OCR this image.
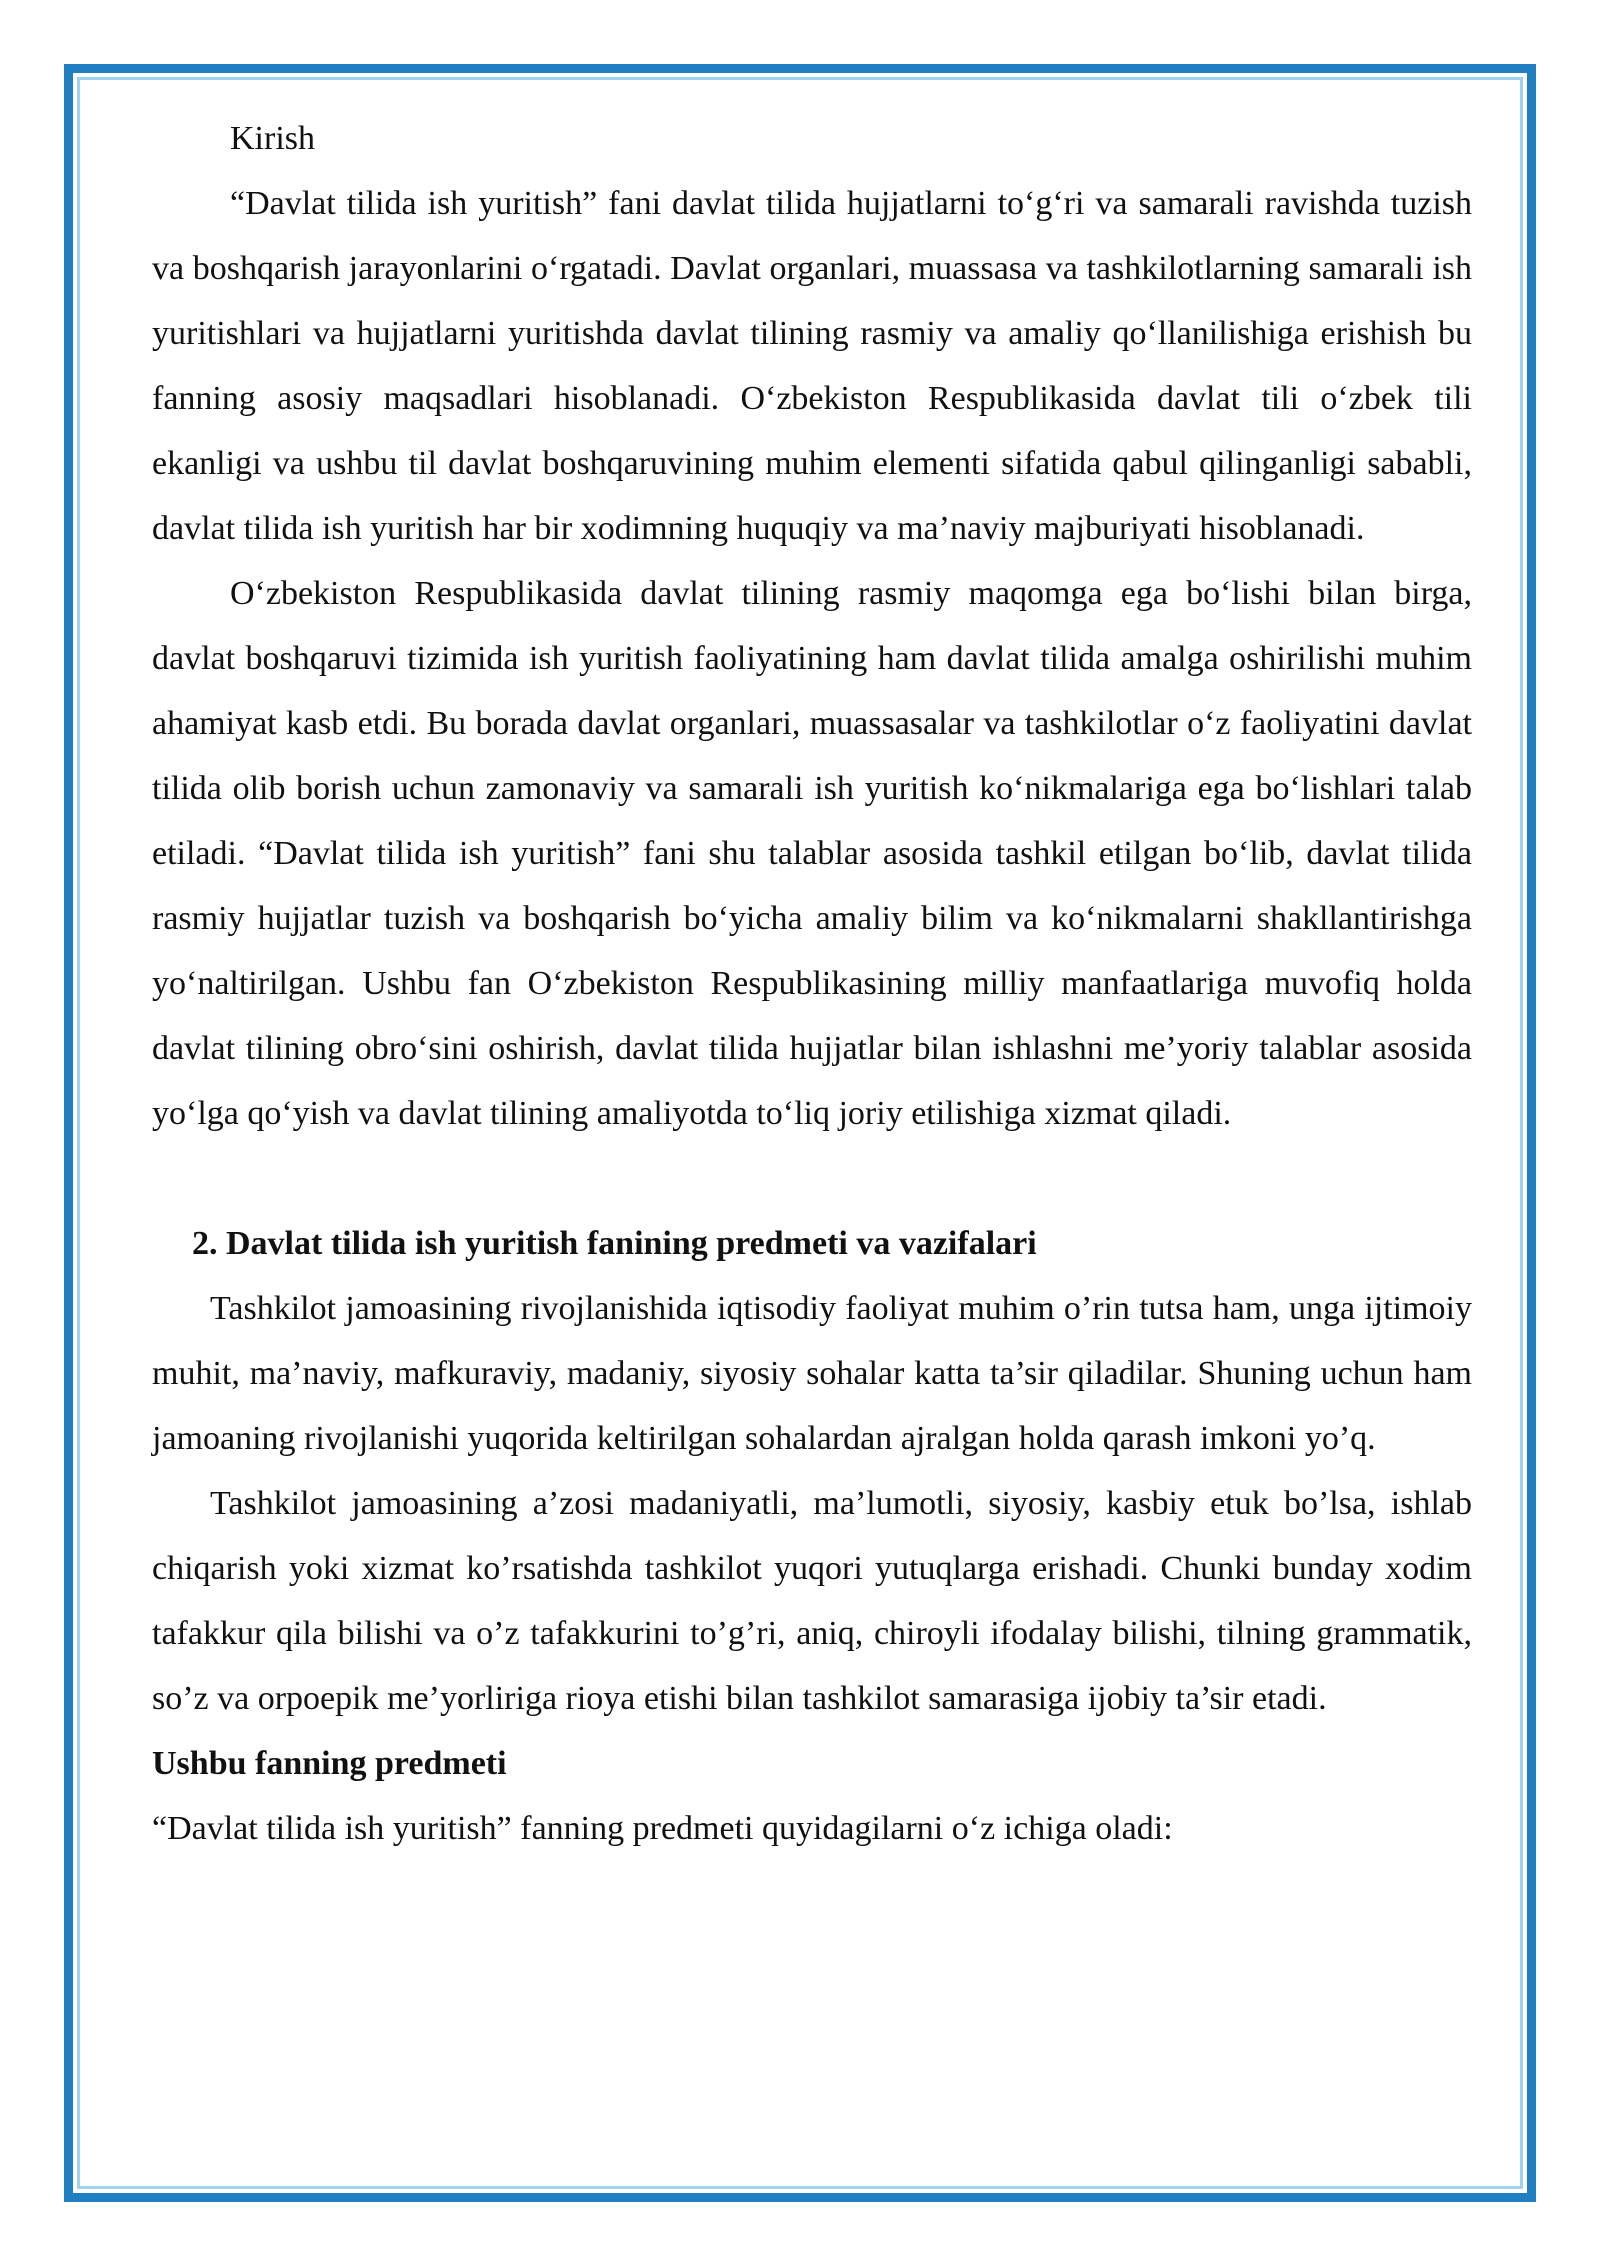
Kirish

“Davlat tilida ish yuritish” fani davlat tilida hujjatlarni to‘g‘ri va samarali ravishda tuzish va boshqarish jarayonlarini o‘rgatadi. Davlat organlari, muassasa va tashkilotlarning samarali ish yuritishlari va hujjatlarni yuritishda davlat tilining rasmiy va amaliy qo‘llanilishiga erishish bu fanning asosiy maqsadlari hisoblanadi. O‘zbekiston Respublikasida davlat tili o‘zbek tili ekanligi va ushbu til davlat boshqaruvining muhim elementi sifatida qabul qilinganligi sababli, davlat tilida ish yuritish har bir xodimning huquqiy va ma’naviy majburiyati hisoblanadi.

O‘zbekiston Respublikasida davlat tilining rasmiy maqomga ega bo‘lishi bilan birga, davlat boshqaruvi tizimida ish yuritish faoliyatining ham davlat tilida amalga oshirilishi muhim ahamiyat kasb etdi. Bu borada davlat organlari, muassasalar va tashkilotlar o‘z faoliyatini davlat tilida olib borish uchun zamonaviy va samarali ish yuritish ko‘nikmalariga ega bo‘lishlari talab etiladi. “Davlat tilida ish yuritish” fani shu talablar asosida tashkil etilgan bo‘lib, davlat tilida rasmiy hujjatlar tuzish va boshqarish bo‘yicha amaliy bilim va ko‘nikmalarni shakllantirishga yo‘naltirilgan. Ushbu fan O‘zbekiston Respublikasining milliy manfaatlariga muvofiq holda davlat tilining obro‘sini oshirish, davlat tilida hujjatlar bilan ishlashni me’yoriy talablar asosida yo‘lga qo‘yish va davlat tilining amaliyotda to‘liq joriy etilishiga xizmat qiladi.

2. Davlat tilida ish yuritish fanining predmeti va vazifalari

Tashkilot jamoasining rivojlanishida iqtisodiy faoliyat muhim o’rin tutsa ham, unga ijtimoiy muhit, ma’naviy, mafkuraviy, madaniy, siyosiy sohalar katta ta’sir qiladilar. Shuning uchun ham jamoaning rivojlanishi yuqorida keltirilgan sohalardan ajralgan holda qarash imkoni yo’q.

Tashkilot jamoasining a’zosi madaniyatli, ma’lumotli, siyosiy, kasbiy etuk bo’lsa, ishlab chiqarish yoki xizmat ko’rsatishda tashkilot yuqori yutuqlarga erishadi. Chunki bunday xodim tafakkur qila bilishi va o’z tafakkurini to’g’ri, aniq, chiroyli ifodalay bilishi, tilning grammatik, so’z va orpoepik me’yorliriga rioya etishi bilan tashkilot samarasiga ijobiy ta’sir etadi.

Ushbu fanning predmeti

“Davlat tilida ish yuritish” fanning predmeti quyidagilarni o‘z ichiga oladi:
